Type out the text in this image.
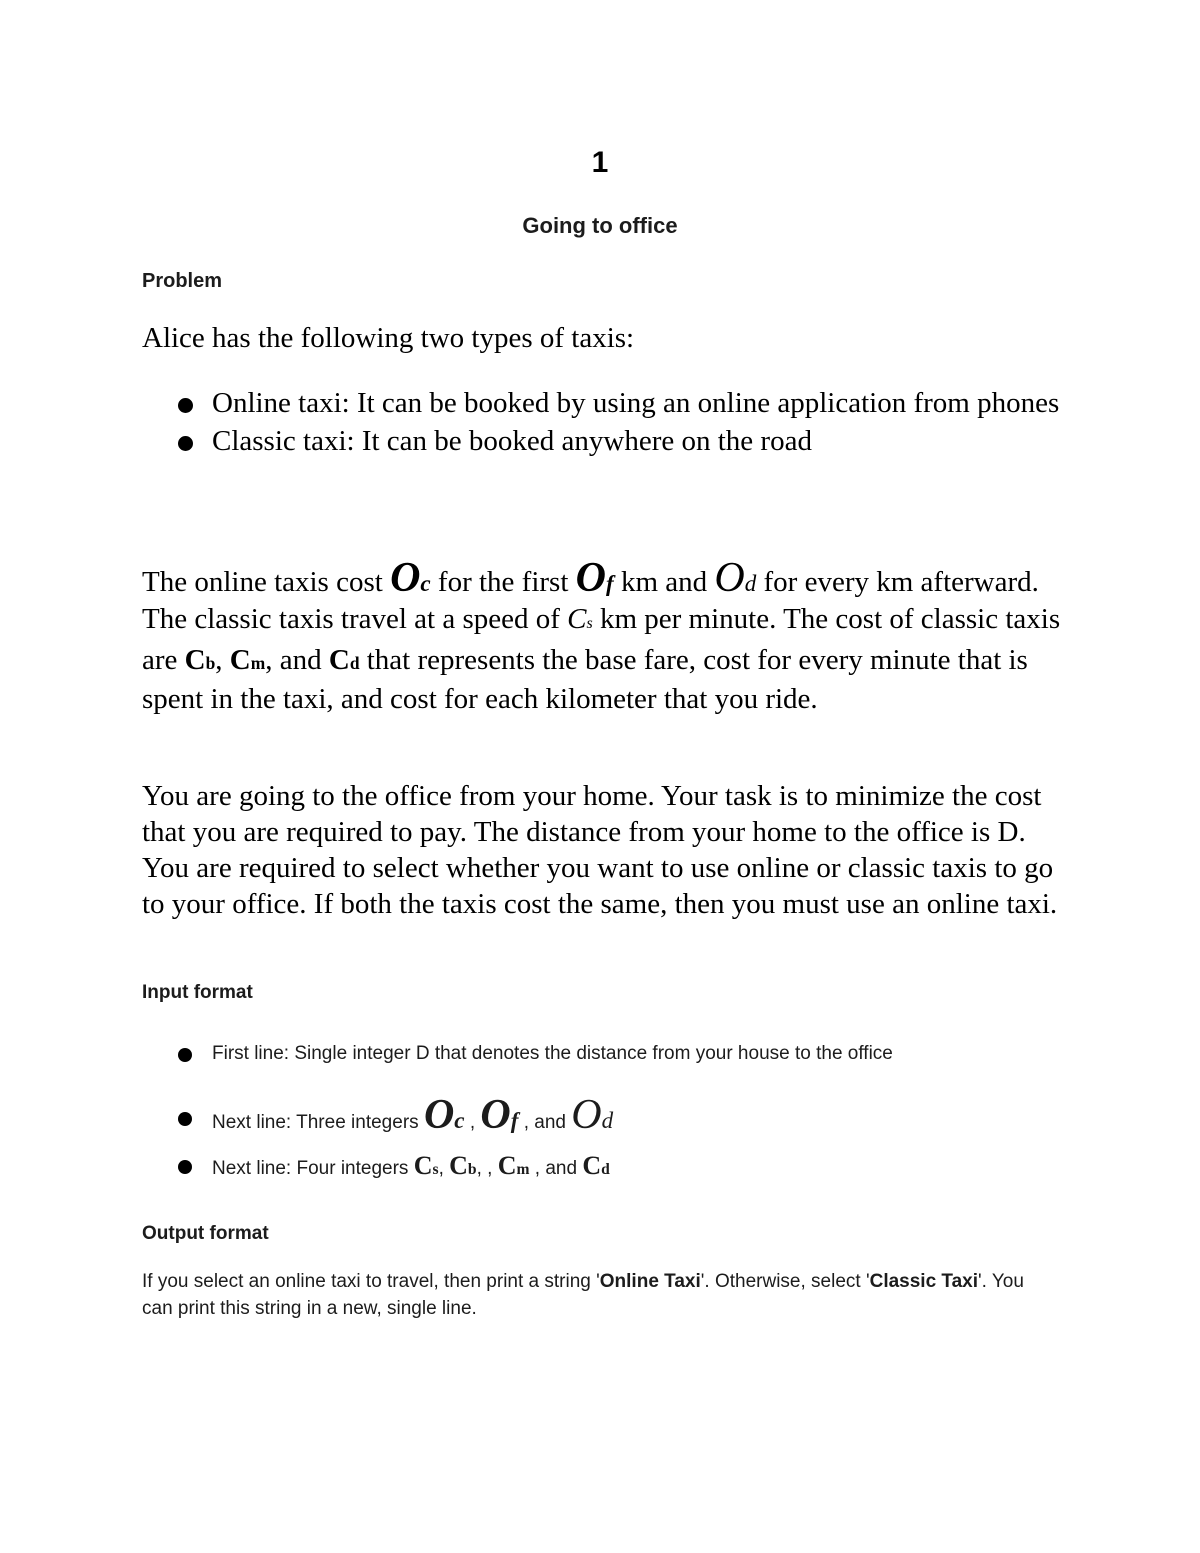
1
Going to office
Problem
Alice has the following two types of taxis:
Online taxi: It can be booked by using an online application from phones
Classic taxi: It can be booked anywhere on the road
The online taxis cost Oc for the first Of km and Od for every km afterward. The classic taxis travel at a speed of Cs km per minute. The cost of classic taxis are Cb, Cm, and Cd that represents the base fare, cost for every minute that is spent in the taxi, and cost for each kilometer that you ride.
You are going to the office from your home. Your task is to minimize the cost that you are required to pay. The distance from your home to the office is D. You are required to select whether you want to use online or classic taxis to go to your office. If both the taxis cost the same, then you must use an online taxi.
Input format
First line: Single integer D that denotes the distance from your house to the office
Next line: Three integers Oc , Of , and Od
Next line: Four integers Cs, Cb, , Cm , and Cd
Output format
If you select an online taxi to travel, then print a string 'Online Taxi'. Otherwise, select 'Classic Taxi'. You can print this string in a new, single line.
